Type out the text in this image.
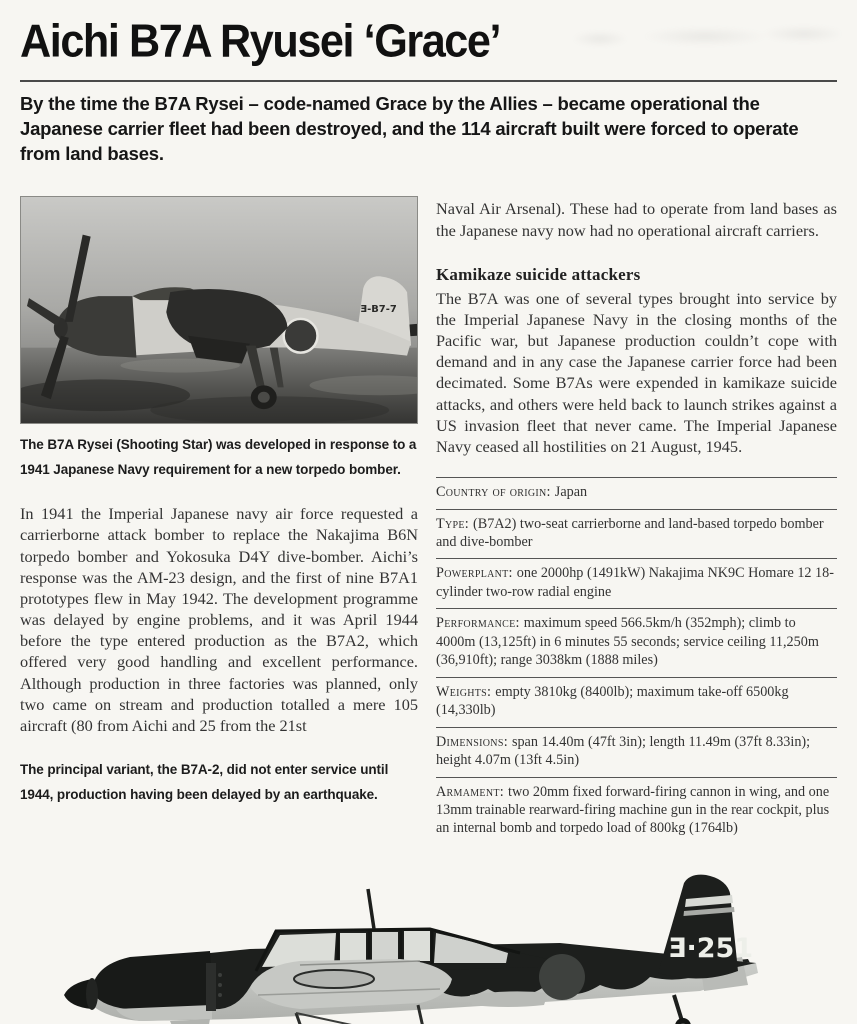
Aichi B7A Ryusei ‘Grace’

By the time the B7A Rysei – code-named Grace by the Allies – became operational the Japanese carrier fleet had been destroyed, and the 114 aircraft built were forced to operate from land bases.

Ǝ-B7-7

The B7A Rysei (Shooting Star) was developed in response to a 1941 Japanese Navy requirement for a new torpedo bomber.

In 1941 the Imperial Japanese navy air force requested a carrierborne attack bomber to replace the Nakajima B6N torpedo bomber and Yokosuka D4Y dive-bomber. Aichi’s response was the AM-23 design, and the first of nine B7A1 prototypes flew in May 1942. The development programme was delayed by engine problems, and it was April 1944 before the type entered production as the B7A2, which offered very good handling and excellent performance. Although production in three factories was planned, only two came on stream and production totalled a mere 105 aircraft (80 from Aichi and 25 from the 21st

The principal variant, the B7A-2, did not enter service until 1944, production having been delayed by an earthquake.

Naval Air Arsenal). These had to operate from land bases as the Japanese navy now had no operational aircraft carriers.

Kamikaze suicide attackers

The B7A was one of several types brought into service by the Imperial Japanese Navy in the closing months of the Pacific war, but Japanese production couldn’t cope with demand and in any case the Japanese carrier force had been decimated. Some B7As were expended in kamikaze suicide attacks, and others were held back to launch strikes against a US invasion fleet that never came. The Imperial Japanese Navy ceased all hostilities on 21 August, 1945.

Country of origin: Japan
Type: (B7A2) two-seat carrierborne and land-based torpedo bomber and dive-bomber
Powerplant: one 2000hp (1491kW) Nakajima NK9C Homare 12 18-cylinder two-row radial engine
Performance: maximum speed 566.5km/h (352mph); climb to 4000m (13,125ft) in 6 minutes 55 seconds; service ceiling 11,250m (36,910ft); range 3038km (1888 miles)
Weights: empty 3810kg (8400lb); maximum take-off 6500kg (14,330lb)
Dimensions: span 14.40m (47ft 3in); length 11.49m (37ft 8.33in); height 4.07m (13ft 4.5in)
Armament: two 20mm fixed forward-firing cannon in wing, and one 13mm trainable rearward-firing machine gun in the rear cockpit, plus an internal bomb and torpedo load of 800kg (1764lb)
Ǝ·251
